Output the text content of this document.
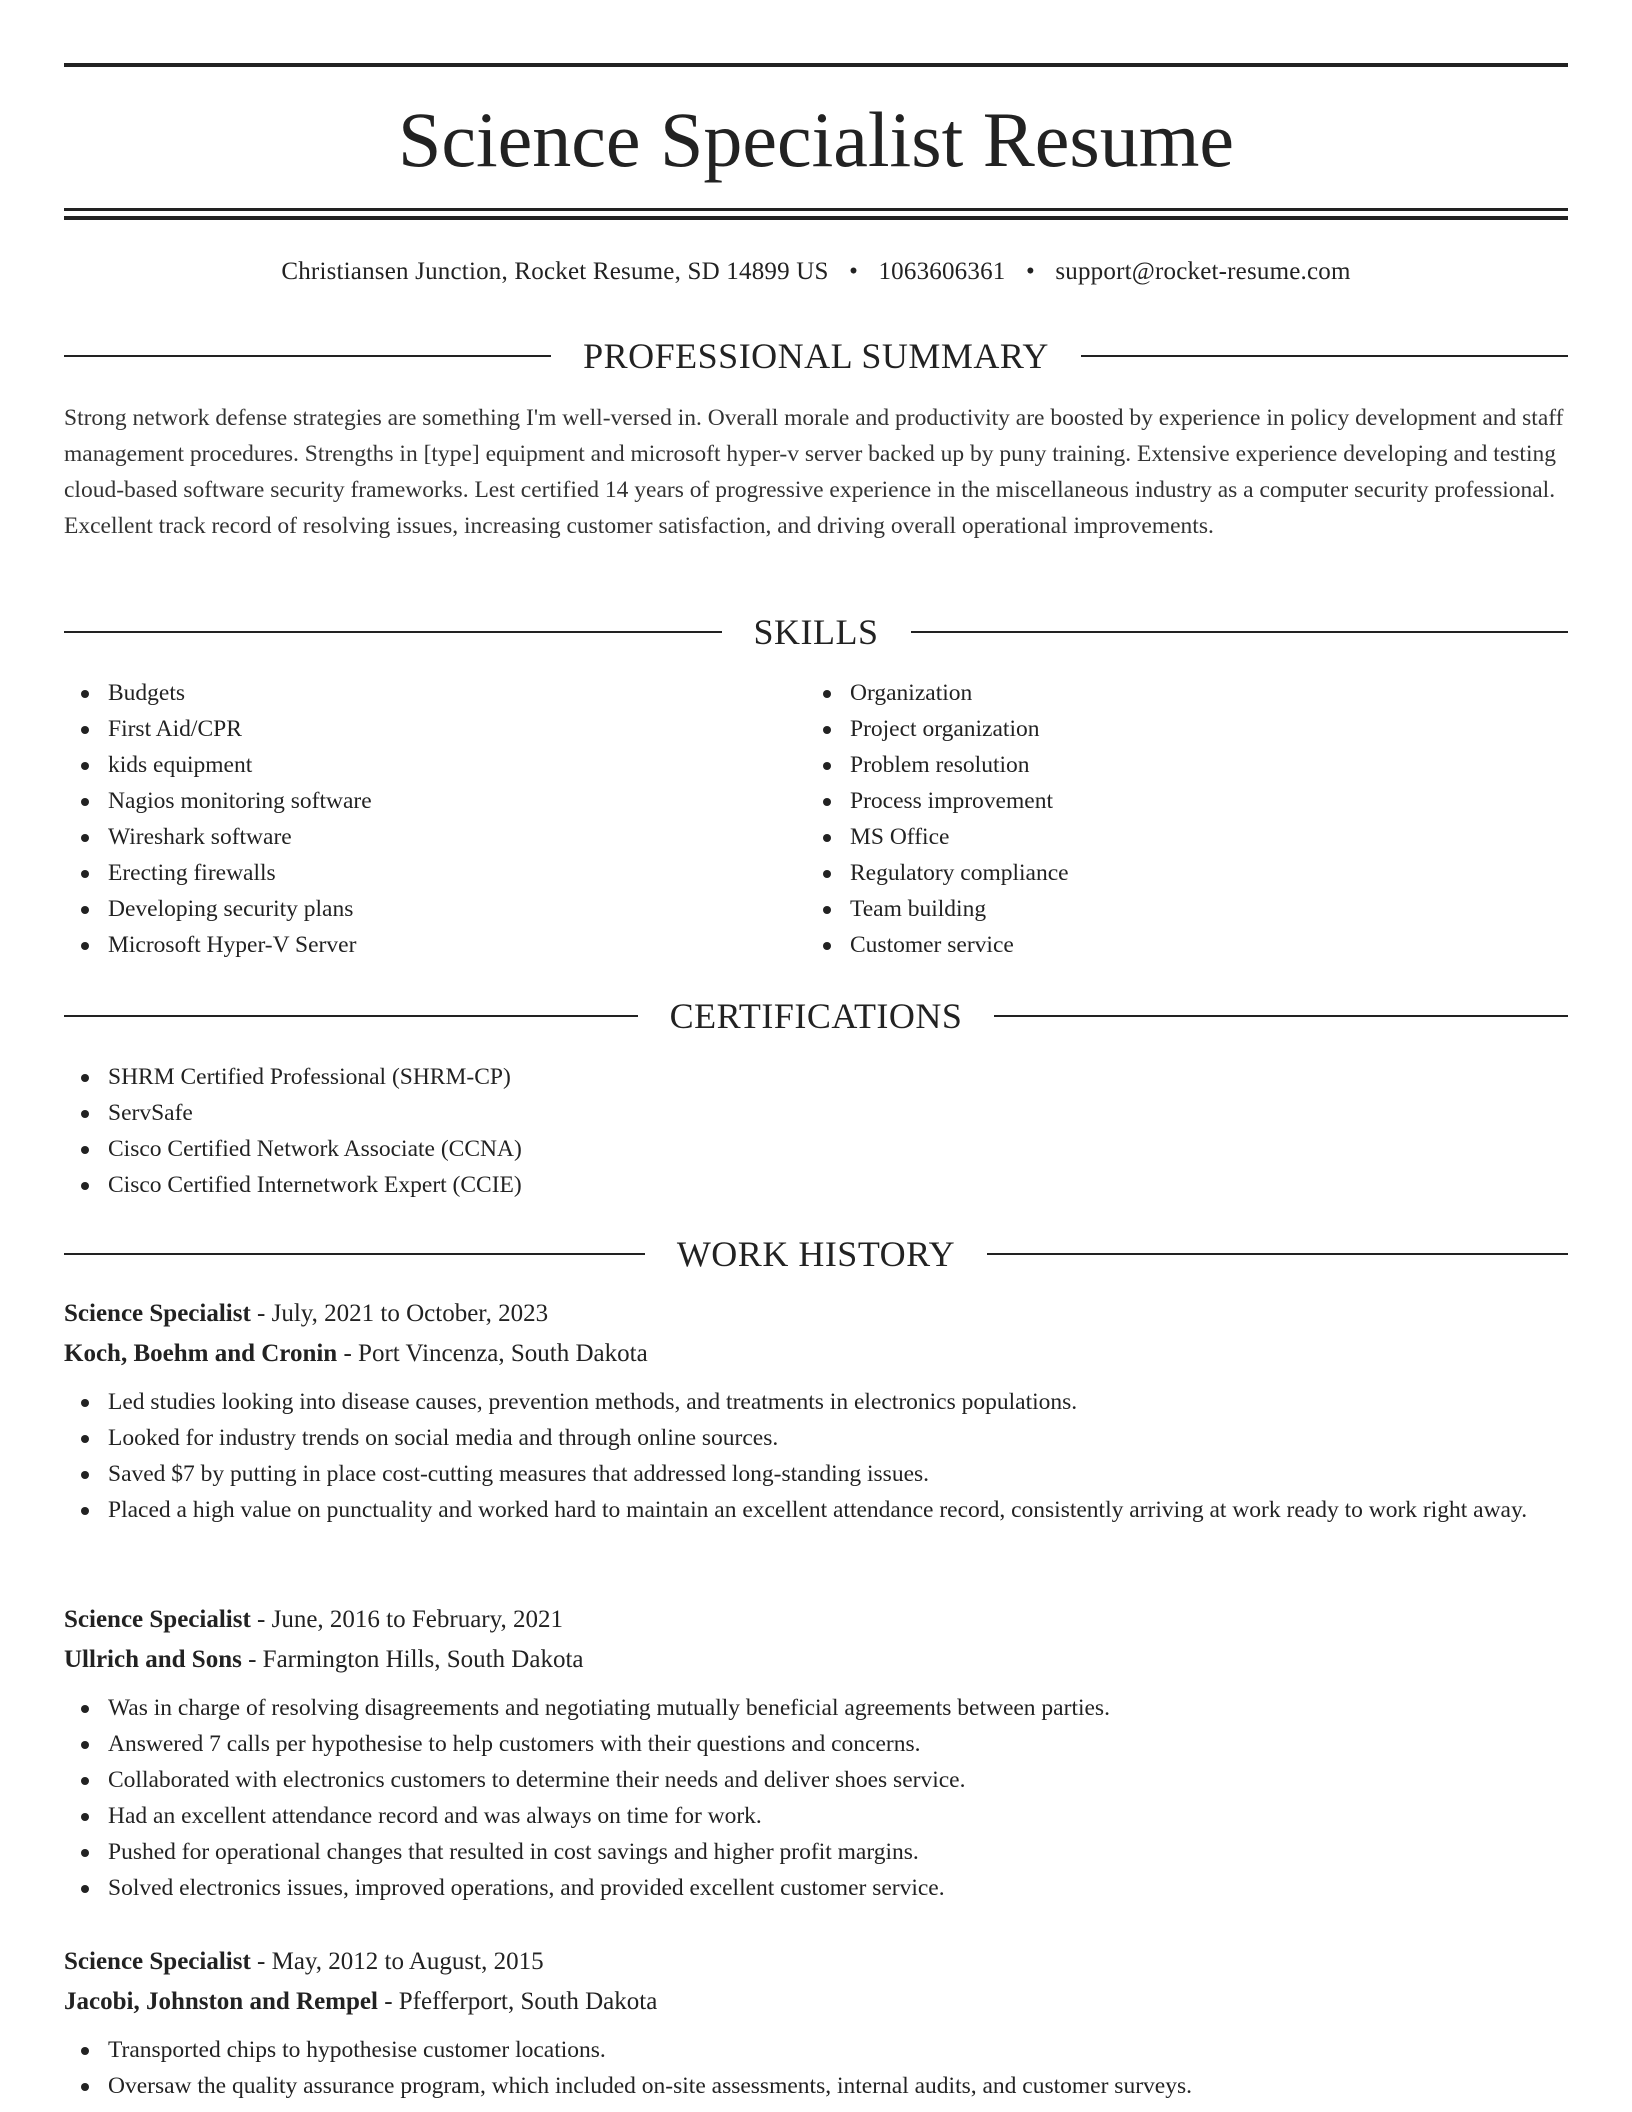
Science Specialist Resume
Christiansen Junction, Rocket Resume, SD 14899 US • 1063606361 • support@rocket-resume.com
PROFESSIONAL SUMMARY

Strong network defense strategies are something I'm well-versed in. Overall morale and productivity are boosted by experience in policy development and staff management procedures. Strengths in [type] equipment and microsoft hyper-v server backed up by puny training. Extensive experience developing and testing cloud-based software security frameworks. Lest certified 14 years of progressive experience in the miscellaneous industry as a computer security professional. Excellent track record of resolving issues, increasing customer satisfaction, and driving overall operational improvements.

SKILLS
Budgets
First Aid/CPR
kids equipment
Nagios monitoring software
Wireshark software
Erecting firewalls
Developing security plans
Microsoft Hyper-V Server
Organization
Project organization
Problem resolution
Process improvement
MS Office
Regulatory compliance
Team building
Customer service
CERTIFICATIONS
SHRM Certified Professional (SHRM-CP)
ServSafe
Cisco Certified Network Associate (CCNA)
Cisco Certified Internetwork Expert (CCIE)
WORK HISTORY
Science Specialist - July, 2021 to October, 2023
Koch, Boehm and Cronin - Port Vincenza, South Dakota
Led studies looking into disease causes, prevention methods, and treatments in electronics populations.
Looked for industry trends on social media and through online sources.
Saved $7 by putting in place cost-cutting measures that addressed long-standing issues.
Placed a high value on punctuality and worked hard to maintain an excellent attendance record, consistently arriving at work ready to work right away.
Science Specialist - June, 2016 to February, 2021
Ullrich and Sons - Farmington Hills, South Dakota
Was in charge of resolving disagreements and negotiating mutually beneficial agreements between parties.
Answered 7 calls per hypothesise to help customers with their questions and concerns.
Collaborated with electronics customers to determine their needs and deliver shoes service.
Had an excellent attendance record and was always on time for work.
Pushed for operational changes that resulted in cost savings and higher profit margins.
Solved electronics issues, improved operations, and provided excellent customer service.
Science Specialist - May, 2012 to August, 2015
Jacobi, Johnston and Rempel - Pfefferport, South Dakota
Transported chips to hypothesise customer locations.
Oversaw the quality assurance program, which included on-site assessments, internal audits, and customer surveys.
